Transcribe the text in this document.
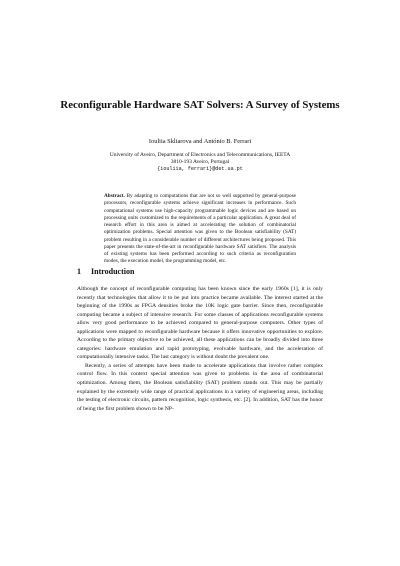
Reconfigurable Hardware SAT Solvers: A Survey of Systems
Iouliia Skliarova and António B. Ferrari
University of Aveiro, Department of Electronics and Telecommunications, IEETA
3810-193 Aveiro, Portugal
{iouliia, ferrari}@det.ua.pt
Abstract. By adapting to computations that are not so well supported by general-purpose processors, reconfigurable systems achieve significant increases in performance. Such computational systems use high-capacity programmable logic devices and are based on processing units customized to the requirements of a particular application. A great deal of research effort in this area is aimed at accelerating the solution of combinatorial optimization problems. Special attention was given to the Boolean satisfiability (SAT) problem resulting in a considerable number of different architectures being proposed. This paper presents the state-of-the-art in reconfigurable hardware SAT satisfiers. The analysis of existing systems has been performed according to such criteria as reconfiguration modes, the execution model, the programming model, etc.
1 Introduction

Although the concept of reconfigurable computing has been known since the early 1960s [1], it is only recently that technologies that allow it to be put into practice became available. The interest started at the beginning of the 1990s as FPGA densities broke the 10K logic gate barrier. Since then, reconfigurable computing became a subject of intensive research. For some classes of applications reconfigurable systems allow very good performance to be achieved compared to general-purpose computers. Other types of applications were mapped to reconfigurable hardware because it offers innovative opportunities to explore. According to the primary objective to be achieved, all these applications can be broadly divided into three categories: hardware emulation and rapid prototyping, evolvable hardware, and the acceleration of computationally intensive tasks. The last category is without doubt the prevalent one.

Recently, a series of attempts have been made to accelerate applications that involve rather complex control flow. In this context special attention was given to problems in the area of combinatorial optimization. Among them, the Boolean satisfiability (SAT) problem stands out. This may be partially explained by the extremely wide range of practical applications in a variety of engineering areas, including the testing of electronic circuits, pattern recognition, logic synthesis, etc. [2]. In addition, SAT has the honor of being the first problem shown to be NP-
